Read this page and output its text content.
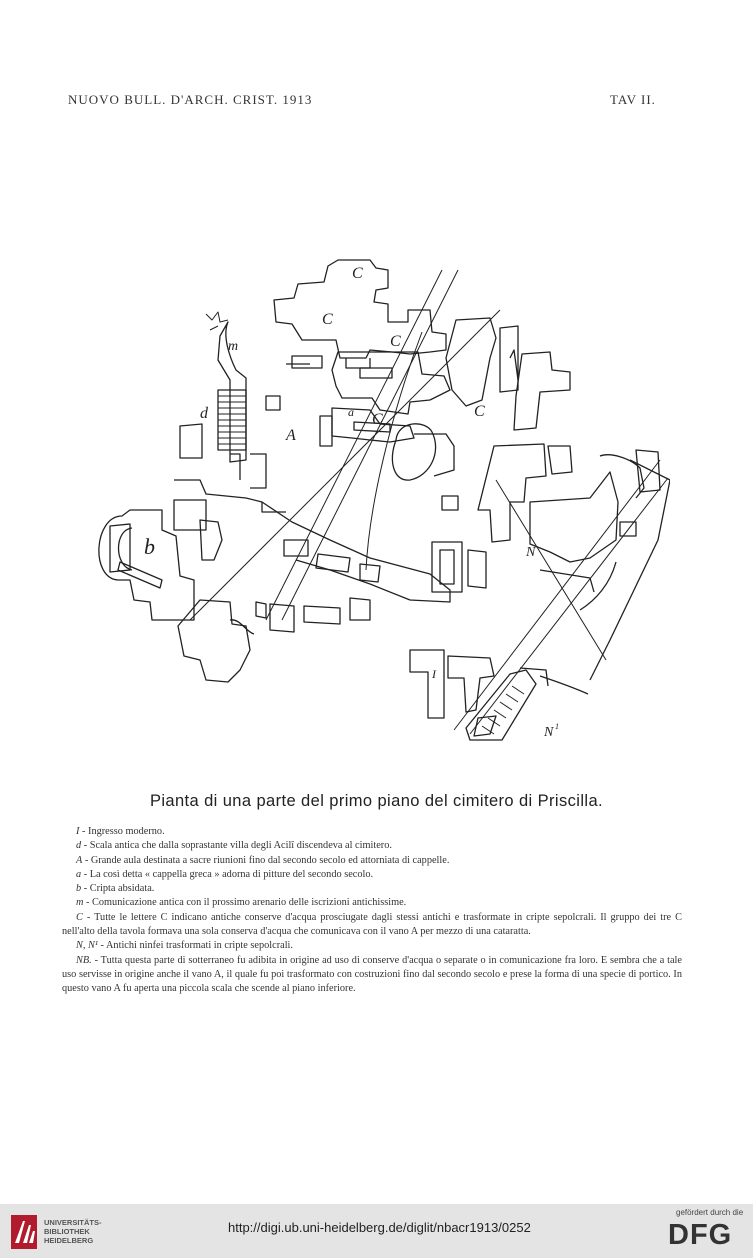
NUOVO BULL. D'ARCH. CRIST. 1913	TAV II.
C
C
C
C	C
m
d
A
a
b	N
N 1
I
Pianta di una parte del primo piano del cimitero di Priscilla.

I - Ingresso moderno.

d - Scala antica che dalla soprastante villa degli Acilî discendeva al cimitero.

A - Grande aula destinata a sacre riunioni fino dal secondo secolo ed attorniata di cappelle.

a - La così detta « cappella greca » adorna di pitture del secondo secolo.

b - Cripta absidata.

m - Comunicazione antica con il prossimo arenario delle iscrizioni antichissime.

C - Tutte le lettere C indicano antiche conserve d'acqua prosciugate dagli stessi antichi e trasformate in cripte sepolcrali. Il gruppo dei tre C nell'alto della tavola formava una sola conserva d'acqua che comunicava con il vano A per mezzo di una cataratta.

N, N¹ - Antichi ninfei trasformati in cripte sepolcrali.

NB. - Tutta questa parte di sotterraneo fu adibita in origine ad uso di conserve d'acqua o separate o in comunicazione fra loro. E sembra che a tale uso servisse in origine anche il vano A, il quale fu poi trasformato con costruzioni fino dal secondo secolo e prese la forma di una specie di portico. In questo vano A fu aperta una piccola scala che scende al piano inferiore.

UNIVERSITÄTS-
BIBLIOTHEK
HEIDELBERG
http://digi.ub.uni-heidelberg.de/diglit/nbacr1913/0252
gefördert durch die
DFG
